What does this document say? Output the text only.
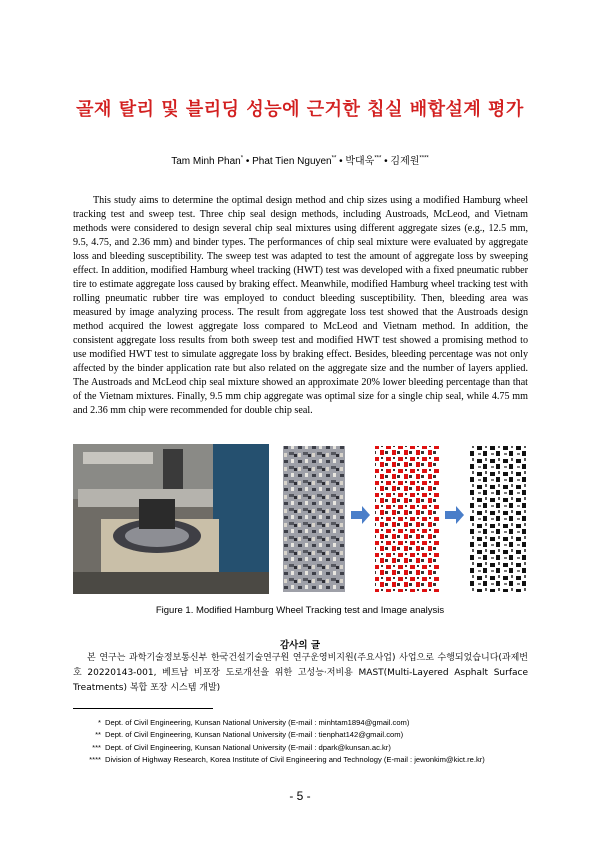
골재 탈리 및 블리딩 성능에 근거한 칩실 배합설계 평가
Tam Minh Phan* • Phat Tien Nguyen** • 박대욱*** • 김제원****

This study aims to determine the optimal design method and chip sizes using a modified Hamburg wheel tracking test and sweep test. Three chip seal design methods, including Austroads, McLeod, and Vietnam methods were considered to design several chip seal mixtures using different aggregate sizes (e.g., 12.5 mm, 9.5, 4.75, and 2.36 mm) and binder types. The performances of chip seal mixture were evaluated by aggregate loss and bleeding susceptibility. The sweep test was adapted to test the amount of aggregate loss by sweeping effect. In addition, modified Hamburg wheel tracking (HWT) test was developed with a fixed pneumatic rubber tire to estimate aggregate loss caused by braking effect. Meanwhile, modified Hamburg wheel tracking test with rolling pneumatic rubber tire was employed to conduct bleeding susceptibility. Then, bleeding area was measured by image analyzing process. The result from aggregate loss test showed that the Austroads design method acquired the lowest aggregate loss compared to McLeod and Vietnam method. In addition, the consistent aggregate loss results from both sweep test and modified HWT test showed a promising method to use modified HWT test to simulate aggregate loss by braking effect. Besides, bleeding percentage was not only affected by the binder application rate but also related on the aggregate size and the number of layers applied. The Austroads and McLeod chip seal mixture showed an approximate 20% lower bleeding percentage than that of the Vietnam mixtures. Finally, 9.5 mm chip aggregate was optimal size for a single chip seal, while 4.75 mm and 2.36 mm chip were recommended for double chip seal.

Figure 1. Modified Hamburg Wheel Tracking test and Image analysis
감사의 글

본 연구는 과학기술정보통신부 한국건설기술연구원 연구운영비지원(주요사업) 사업으로 수행되었습니다(과제번호 20220143-001, 베트남 비포장 도로개선을 위한 고성능·저비용 MAST(Multi-Layered Asphalt Surface Treatments) 복합 포장 시스템 개발)

* Dept. of Civil Engineering, Kunsan National University (E-mail : minhtam1894@gmail.com)
** Dept. of Civil Engineering, Kunsan National University (E-mail : tienphat142@gmail.com)
*** Dept. of Civil Engineering, Kunsan National University (E-mail : dpark@kunsan.ac.kr)
**** Division of Highway Research, Korea Institute of Civil Engineering and Technology (E-mail : jewonkim@kict.re.kr)
- 5 -
